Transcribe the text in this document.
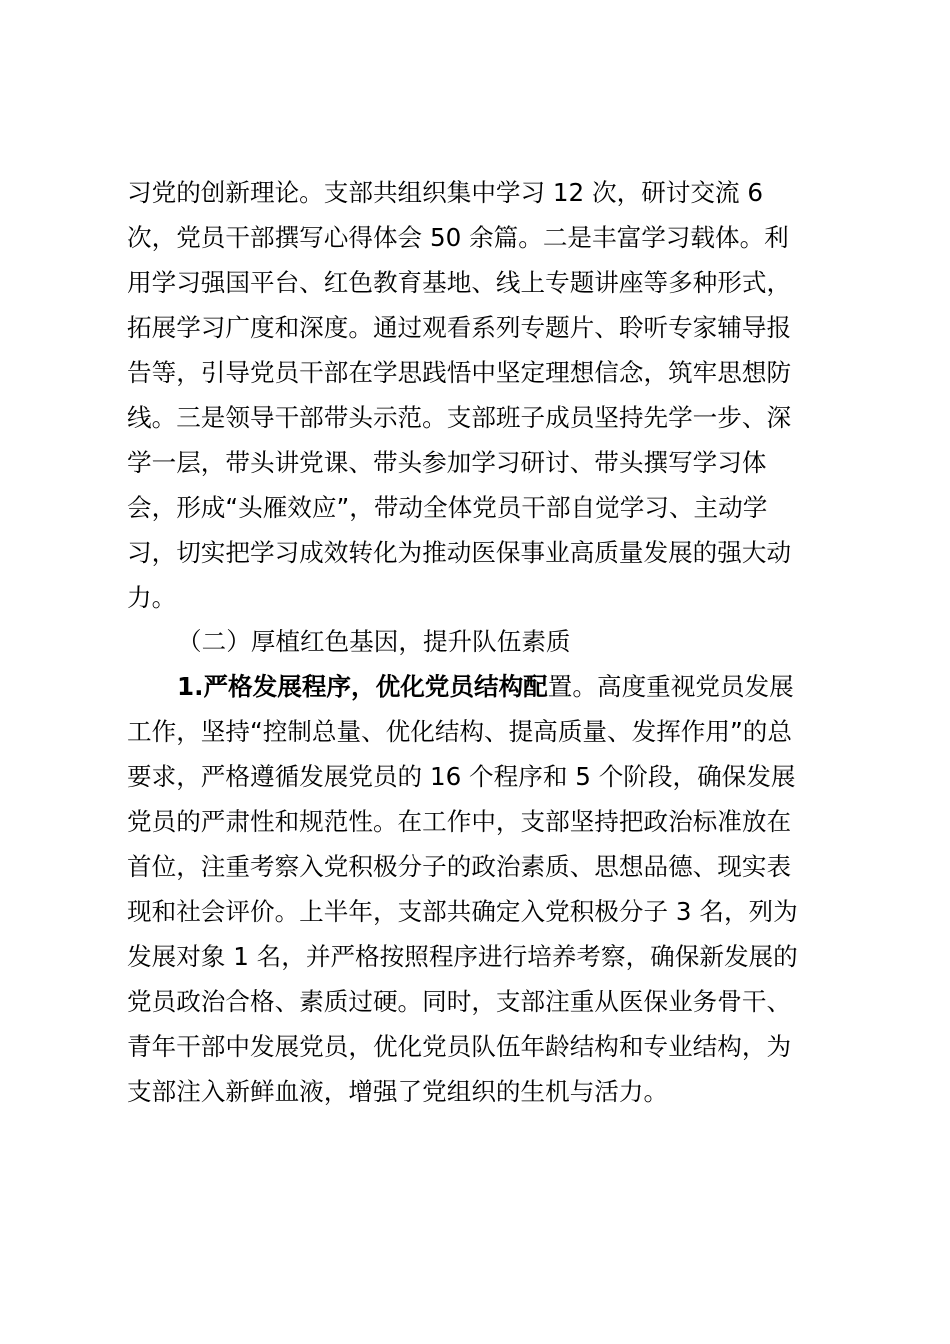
习党的创新理论。支部共组织集中学习 12 次，研讨交流 6
次，党员干部撰写心得体会 50 余篇。二是丰富学习载体。利
用学习强国平台、红色教育基地、线上专题讲座等多种形式，
拓展学习广度和深度。通过观看系列专题片、聆听专家辅导报
告等，引导党员干部在学思践悟中坚定理想信念，筑牢思想防
线。三是领导干部带头示范。支部班子成员坚持先学一步、深
学一层，带头讲党课、带头参加学习研讨、带头撰写学习体
会，形成“头雁效应”，带动全体党员干部自觉学习、主动学
习，切实把学习成效转化为推动医保事业高质量发展的强大动
力。
（二）厚植红色基因，提升队伍素质
1.严格发展程序，优化党员结构配置。高度重视党员发展
工作，坚持“控制总量、优化结构、提高质量、发挥作用”的总
要求，严格遵循发展党员的 16 个程序和 5 个阶段，确保发展
党员的严肃性和规范性。在工作中，支部坚持把政治标准放在
首位，注重考察入党积极分子的政治素质、思想品德、现实表
现和社会评价。上半年，支部共确定入党积极分子 3 名，列为
发展对象 1 名，并严格按照程序进行培养考察，确保新发展的
党员政治合格、素质过硬。同时，支部注重从医保业务骨干、
青年干部中发展党员，优化党员队伍年龄结构和专业结构，为
支部注入新鲜血液，增强了党组织的生机与活力。
